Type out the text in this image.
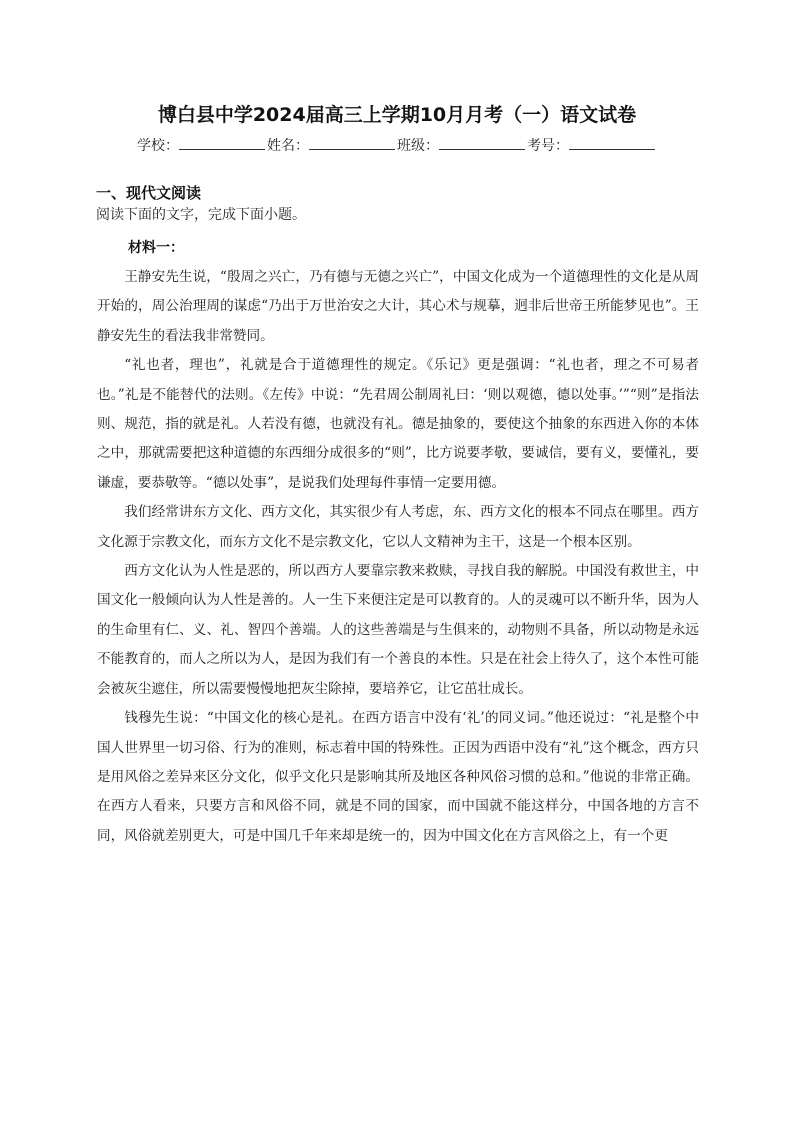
博白县中学2024届高三上学期10月月考（一）语文试卷
学校：	姓名：	班级：	考号：
一、现代文阅读
阅读下面的文字，完成下面小题。
材料一：

王静安先生说，“殷周之兴亡，乃有德与无德之兴亡”，中国文化成为一个道德理性的文化是从周开始的，周公治理周的谋虑“乃出于万世治安之大计，其心术与规摹，迥非后世帝王所能梦见也”。王静安先生的看法我非常赞同。

“礼也者，理也”，礼就是合于道德理性的规定。《乐记》更是强调：“礼也者，理之不可易者也。”礼是不能替代的法则。《左传》中说：“先君周公制周礼曰：‘则以观德，德以处事。’”“则”是指法则、规范，指的就是礼。人若没有德，也就没有礼。德是抽象的，要使这个抽象的东西进入你的本体之中，那就需要把这种道德的东西细分成很多的“则”，比方说要孝敬，要诚信，要有义，要懂礼，要谦虚，要恭敬等。“德以处事”，是说我们处理每件事情一定要用德。

我们经常讲东方文化、西方文化，其实很少有人考虑，东、西方文化的根本不同点在哪里。西方文化源于宗教文化，而东方文化不是宗教文化，它以人文精神为主干，这是一个根本区别。

西方文化认为人性是恶的，所以西方人要靠宗教来救赎，寻找自我的解脱。中国没有救世主，中国文化一般倾向认为人性是善的。人一生下来便注定是可以教育的。人的灵魂可以不断升华，因为人的生命里有仁、义、礼、智四个善端。人的这些善端是与生俱来的，动物则不具备，所以动物是永远不能教育的，而人之所以为人，是因为我们有一个善良的本性。只是在社会上待久了，这个本性可能会被灰尘遮住，所以需要慢慢地把灰尘除掉，要培养它，让它茁壮成长。

钱穆先生说：“中国文化的核心是礼。在西方语言中没有‘礼’的同义词。”他还说过：“礼是整个中国人世界里一切习俗、行为的准则，标志着中国的特殊性。正因为西语中没有“礼”这个概念，西方只是用风俗之差异来区分文化，似乎文化只是影响其所及地区各种风俗习惯的总和。”他说的非常正确。在西方人看来，只要方言和风俗不同，就是不同的国家，而中国就不能这样分，中国各地的方言不同，风俗就差别更大，可是中国几千年来却是统一的，因为中国文化在方言风俗之上，有一个更
